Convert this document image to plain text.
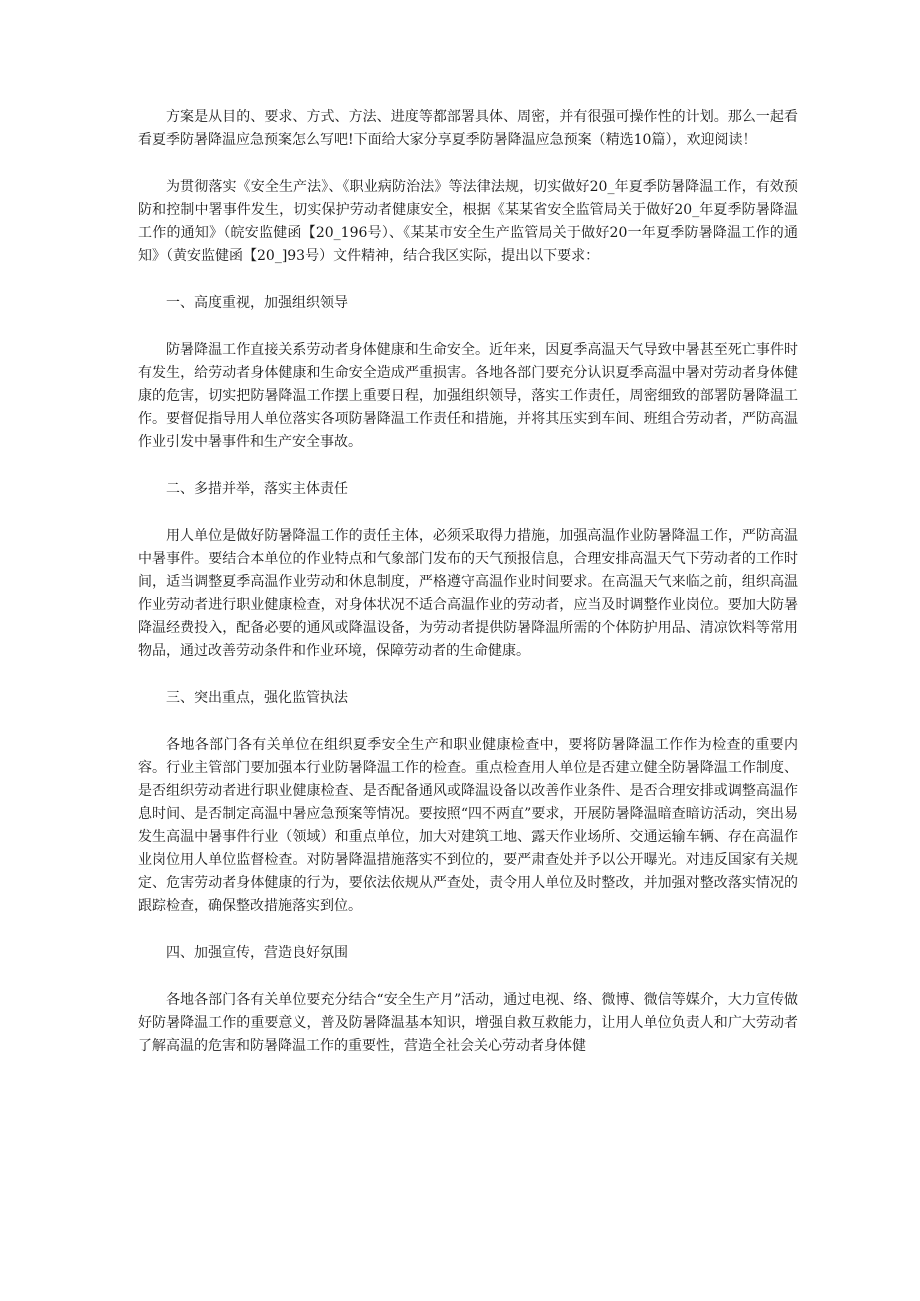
方案是从目的、要求、方式、方法、进度等都部署具体、周密，并有很强可操作性的计划。那么一起看看夏季防暑降温应急预案怎么写吧!下面给大家分享夏季防暑降温应急预案（精选10篇），欢迎阅读！

为贯彻落实《安全生产法》、《职业病防治法》等法律法规，切实做好20_年夏季防暑降温工作，有效预防和控制中署事件发生，切实保护劳动者健康安全，根据《某某省安全监管局关于做好20_年夏季防暑降温工作的通知》（皖安监健函【20_196号）、《某某市安全生产监管局关于做好20一年夏季防暑降温工作的通知》（黄安监健函【20_]93号）文件精神，结合我区实际，提出以下要求：

一、高度重视，加强组织领导

防暑降温工作直接关系劳动者身体健康和生命安全。近年来，因夏季高温天气导致中暑甚至死亡事件时有发生，给劳动者身体健康和生命安全造成严重损害。各地各部门要充分认识夏季高温中暑对劳动者身体健康的危害，切实把防暑降温工作摆上重要日程，加强组织领导，落实工作责任，周密细致的部署防暑降温工作。要督促指导用人单位落实各项防暑降温工作责任和措施，并将其压实到车间、班组合劳动者，严防高温作业引发中暑事件和生产安全事故。

二、多措并举，落实主体责任

用人单位是做好防暑降温工作的责任主体，必须采取得力措施，加强高温作业防暑降温工作，严防高温中暑事件。要结合本单位的作业特点和气象部门发布的天气预报信息，合理安排高温天气下劳动者的工作时间，适当调整夏季高温作业劳动和休息制度，严格遵守高温作业时间要求。在高温天气来临之前，组织高温作业劳动者进行职业健康检查，对身体状况不适合高温作业的劳动者，应当及时调整作业岗位。要加大防暑降温经费投入，配备必要的通风或降温设备，为劳动者提供防暑降温所需的个体防护用品、清凉饮料等常用物品，通过改善劳动条件和作业环境，保障劳动者的生命健康。

三、突出重点，强化监管执法

各地各部门各有关单位在组织夏季安全生产和职业健康检查中，要将防暑降温工作作为检查的重要内容。行业主管部门要加强本行业防暑降温工作的检查。重点检查用人单位是否建立健全防暑降温工作制度、是否组织劳动者进行职业健康检查、是否配备通风或降温设备以改善作业条件、是否合理安排或调整高温作息时间、是否制定高温中暑应急预案等情况。要按照“四不两直”要求，开展防暑降温暗查暗访活动，突出易发生高温中暑事件行业（领域）和重点单位，加大对建筑工地、露天作业场所、交通运输车辆、存在高温作业岗位用人单位监督检查。对防暑降温措施落实不到位的，要严肃查处并予以公开曝光。对违反国家有关规定、危害劳动者身体健康的行为，要依法依规从严查处，责令用人单位及时整改，并加强对整改落实情况的跟踪检查，确保整改措施落实到位。

四、加强宣传，营造良好氛围

各地各部门各有关单位要充分结合“安全生产月”活动，通过电视、络、微博、微信等媒介，大力宣传做好防暑降温工作的重要意义，普及防暑降温基本知识，增强自救互救能力，让用人单位负责人和广大劳动者了解高温的危害和防暑降温工作的重要性，营造全社会关心劳动者身体健
